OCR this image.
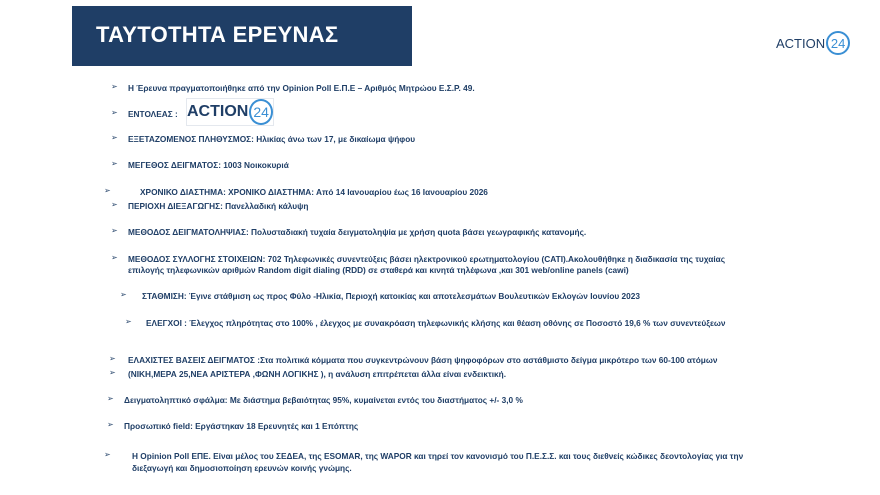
ΤΑΥΤΟΤΗΤΑ ΕΡΕΥΝΑΣ	ACTION 24
➢ Η Έρευνα πραγματοποιήθηκε από την Opinion Poll Ε.Π.Ε – Αριθμός Μητρώου Ε.Σ.Ρ. 49.
➢ ΕΝΤΟΛΕΑΣ : ACTION 24
➢ ΕΞΕΤΑΖΟΜΕΝΟΣ ΠΛΗΘΥΣΜΟΣ: Ηλικίας άνω των 17, με δικαίωμα ψήφου
➢ ΜΕΓΕΘΟΣ ΔΕΙΓΜΑΤΟΣ: 1003 Νοικοκυριά
➢	ΧΡΟΝΙΚΟ ΔΙΑΣΤΗΜΑ: ΧΡΟΝΙΚΟ ΔΙΑΣΤΗΜΑ: Από 14 Ιανουαρίου έως 16 Ιανουαρίου 2026
➢ ΠΕΡΙΟΧΗ ΔΙΕΞΑΓΩΓΗΣ: Πανελλαδική κάλυψη
➢ ΜΕΘΟΔΟΣ ΔΕΙΓΜΑΤΟΛΗΨΙΑΣ: Πολυσταδιακή τυχαία δειγματοληψία με χρήση quota βάσει γεωγραφικής κατανομής.
➢ ΜΕΘΟΔΟΣ ΣΥΛΛΟΓΗΣ ΣΤΟΙΧΕΙΩΝ: 702 Τηλεφωνικές συνεντεύξεις βάσει ηλεκτρονικού ερωτηματολογίου (CATI).Ακολουθήθηκε η διαδικασία της τυχαίας
επιλογής τηλεφωνικών αριθμών Random digit dialing (RDD) σε σταθερά και κινητά τηλέφωνα ,και 301 web/online panels (cawi)
➢ ΣΤΑΘΜΙΣΗ: Έγινε στάθμιση ως προς Φύλο -Ηλικία, Περιοχή κατοικίας και αποτελεσμάτων Βουλευτικών Εκλογών Ιουνίου 2023
➢ ΕΛΕΓΧΟΙ : Έλεγχος πληρότητας στο 100% , έλεγχος με συνακρόαση τηλεφωνικής κλήσης και θέαση οθόνης σε Ποσοστό 19,6 % των συνεντεύξεων
➢ ΕΛΑΧΙΣΤΕΣ ΒΑΣΕΙΣ ΔΕΙΓΜΑΤΟΣ :Στα πολιτικά κόμματα που συγκεντρώνουν βάση ψηφοφόρων στο αστάθμιστο δείγμα μικρότερο των 60-100 ατόμων
➢ (ΝΙΚΗ,ΜΕΡΑ 25,ΝΕΑ ΑΡΙΣΤΕΡΑ ,ΦΩΝΗ ΛΟΓΙΚΗΣ ), η ανάλυση επιτρέπεται άλλα είναι ενδεικτική.
➢ Δειγματοληπτικό σφάλμα: Με διάστημα βεβαιότητας 95%, κυμαίνεται εντός του διαστήματος +/- 3,0 %
➢ Προσωπικό field: Εργάστηκαν 18 Ερευνητές και 1 Επόπτης
➢	Η Opinion Poll ΕΠΕ. Είναι μέλος του ΣΕΔΕΑ, της ESOMAR, της WAPOR και τηρεί τον κανονισμό του Π.Ε.Σ.Σ. και τους διεθνείς κώδικες δεοντολογίας για την
διεξαγωγή και δημοσιοποίηση ερευνών κοινής γνώμης.
